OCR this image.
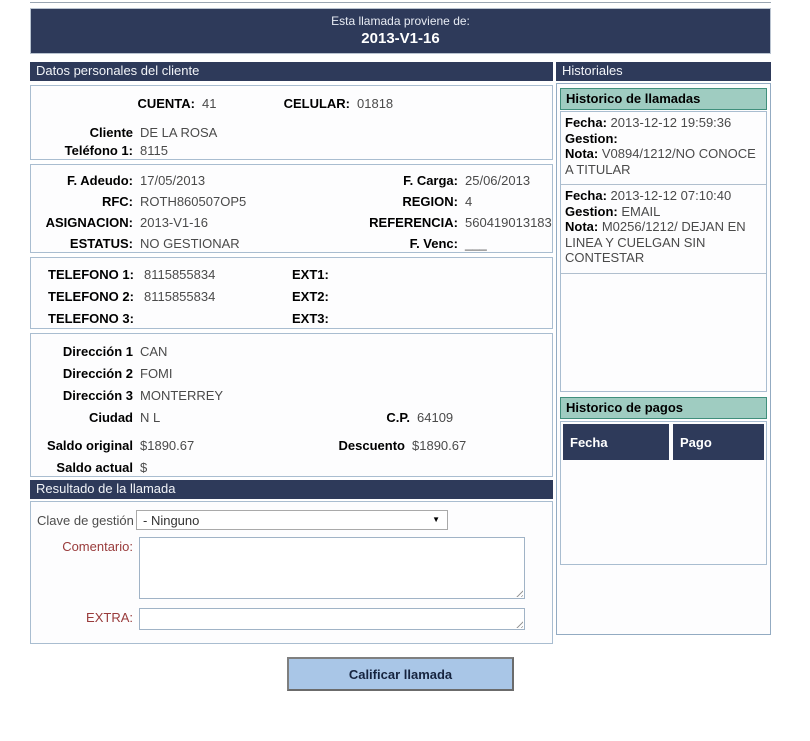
Esta llamada proviene de:
2013-V1-16
Datos personales del cliente
CUENTA: 41	CELULAR: 01818
Cliente DE LA ROSA
Teléfono 1: 8115
F. Adeudo: 17/05/2013	F. Carga: 25/06/2013
RFC: ROTH860507OP5	REGION: 4
ASIGNACION: 2013-V1-16	REFERENCIA: 560419013183
ESTATUS: NO GESTIONAR	F. Venc: ___
TELEFONO 1: 8115855834	EXT1:
TELEFONO 2: 8115855834	EXT2:
TELEFONO 3:	EXT3:
Dirección 1 CAN
Dirección 2 FOMI
Dirección 3 MONTERREY
Ciudad N L	C.P. 64109
Saldo original $1890.67	Descuento $1890.67
Saldo actual $
Resultado de la llamada
Clave de gestión - Ninguno	▼
Comentario:
EXTRA:
Historiales
Historico de llamadas
Fecha: 2013-12-12 19:59:36
Gestion:
Nota: V0894/1212/NO CONOCE A TITULAR
Fecha: 2013-12-12 07:10:40
Gestion: EMAIL
Nota: M0256/1212/ DEJAN EN LINEA Y CUELGAN SIN CONTESTAR
Historico de pagos
Fecha	Pago
Calificar llamada
